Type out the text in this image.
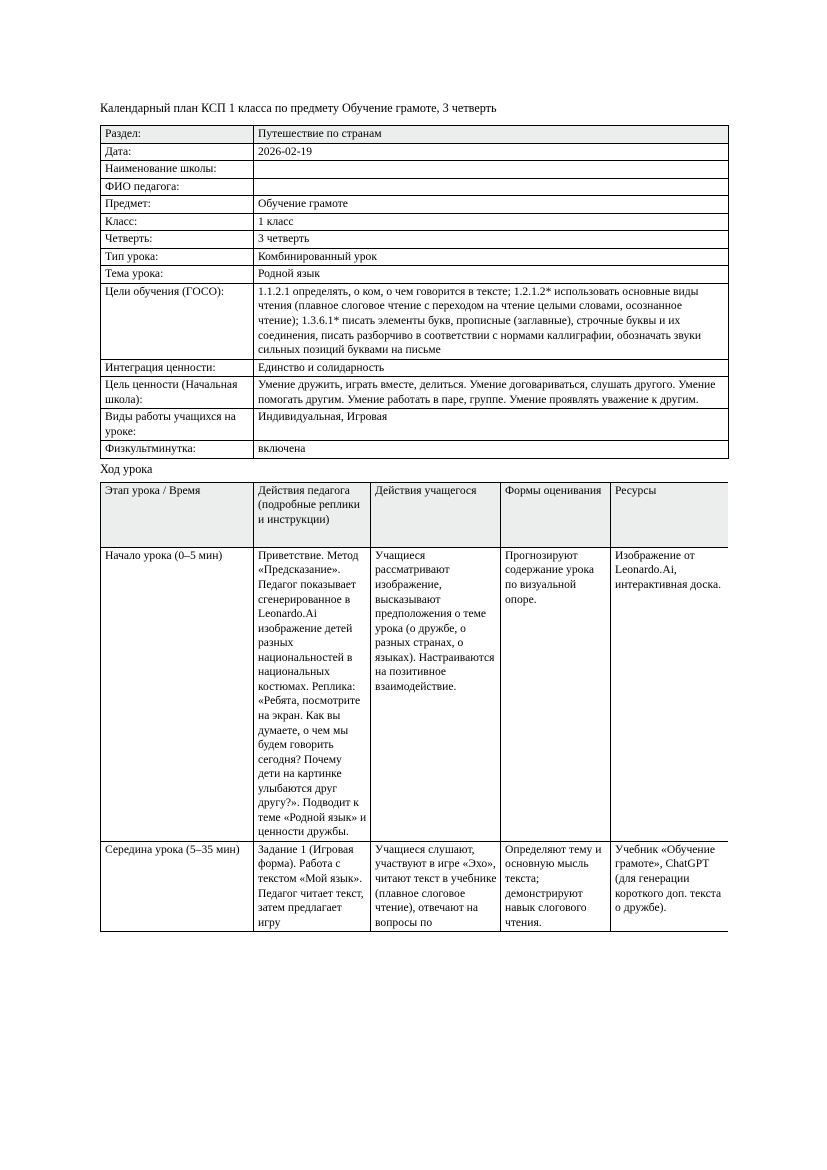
Календарный план КСП 1 класса по предмету Обучение грамоте, 3 четверть

Раздел:	Путешествие по странам
Дата:	2026-02-19
Наименование школы:	
ФИО педагога:	
Предмет:	Обучение грамоте
Класс:	1 класс
Четверть:	3 четверть
Тип урока:	Комбинированный урок
Тема урока:	Родной язык
Цели обучения (ГОСО):	1.1.2.1 определять, о ком, о чем говорится в тексте; 1.2.1.2* использовать основные виды чтения (плавное слоговое чтение с переходом на чтение целыми словами, осознанное чтение); 1.3.6.1* писать элементы букв, прописные (заглавные), строчные буквы и их соединения, писать разборчиво в соответствии с нормами каллиграфии, обозначать звуки сильных позиций буквами на письме
Интеграция ценности:	Единство и солидарность
Цель ценности (Начальная школа):	Умение дружить, играть вместе, делиться. Умение договариваться, слушать другого. Умение помогать другим. Умение работать в паре, группе. Умение проявлять уважение к другим.
Виды работы учащихся на уроке:	Индивидуальная, Игровая
Физкультминутка:	включена

Ход урока

Этап урока / Время	Действия педагога (подробные реплики и инструкции)	Действия учащегося	Формы оценивания	Ресурсы
Начало урока (0–5 мин)	Приветствие. Метод «Предсказание». Педагог показывает сгенерированное в Leonardo.Ai изображение детей разных национальностей в национальных костюмах. Реплика: «Ребята, посмотрите на экран. Как вы думаете, о чем мы будем говорить сегодня? Почему дети на картинке улыбаются друг другу?». Подводит к теме «Родной язык» и ценности дружбы.	Учащиеся рассматривают изображение, высказывают предположения о теме урока (о дружбе, о разных странах, о языках). Настраиваются на позитивное взаимодействие.	Прогнозируют содержание урока по визуальной опоре.	Изображение от Leonardo.Ai, интерактивная доска.
Середина урока (5–35 мин)	Задание 1 (Игровая форма). Работа с текстом «Мой язык». Педагог читает текст, затем предлагает игру	Учащиеся слушают, участвуют в игре «Эхо», читают текст в учебнике (плавное слоговое чтение), отвечают на вопросы по	Определяют тему и основную мысль текста; демонстрируют навык слогового чтения.	Учебник «Обучение грамоте», ChatGPT (для генерации короткого доп. текста о дружбе).
